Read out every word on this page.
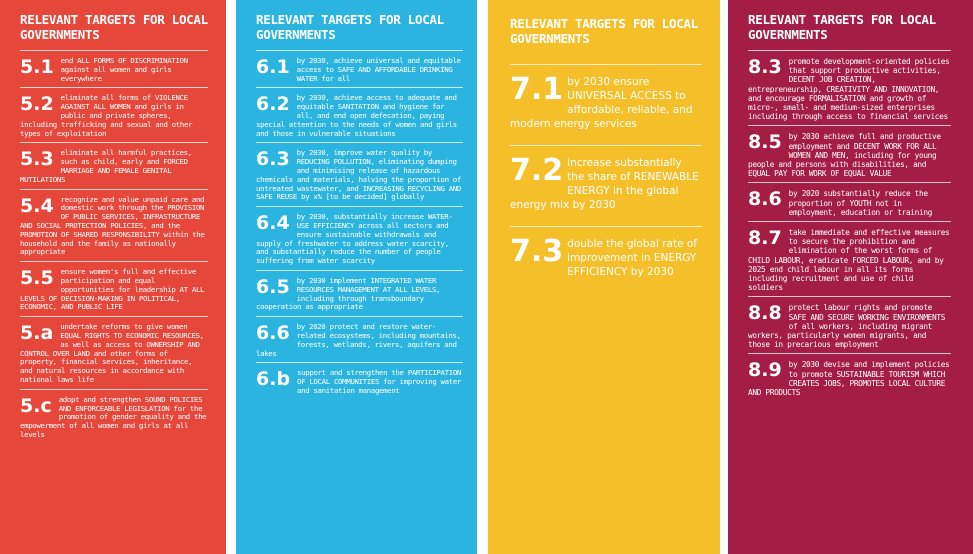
RELEVANT TARGETS FOR LOCAL GOVERNMENTS
5.1 end ALL FORMS OF DISCRIMINATION against all women and girls everywhere

5.2 eliminate all forms of VIOLENCE AGAINST ALL WOMEN and girls in public and private spheres, including trafficking and sexual and other types of exploitation

5.3 eliminate all harmful practices, such as child, early and FORCED MARRIAGE AND FEMALE GENITAL MUTILATIONS

5.4 recognize and value unpaid care and domestic work through the PROVISION OF PUBLIC SERVICES, INFRASTRUCTURE AND SOCIAL PROTECTION POLICIES, and the PROMOTION OF SHARED RESPONSIBILITY within the household and the family as nationally appropriate

5.5 ensure women's full and effective participation and equal opportunities for leadership AT ALL LEVELS OF DECISION-MAKING IN POLITICAL, ECONOMIC, AND PUBLIC LIFE

5.a undertake reforms to give women EQUAL RIGHTS TO ECONOMIC RESOURCES, as well as access to OWNERSHIP AND CONTROL OVER LAND and other forms of property, financial services, inheritance, and natural resources in accordance with national laws life

5.c adopt and strengthen SOUND POLICIES AND ENFORCEABLE LEGISLATION for the promotion of gender equality and the empowerment of all women and girls at all levels

RELEVANT TARGETS FOR LOCAL GOVERNMENTS
6.1 by 2030, achieve universal and equitable access to SAFE AND AFFORDABLE DRINKING WATER for all

6.2 by 2030, achieve access to adequate and equitable SANITATION and hygiene for all, and end open defecation, paying special attention to the needs of women and girls and those in vulnerable situations

6.3 by 2030, improve water quality by REDUCING POLLUTION, eliminating dumping and minimising release of hazardous chemicals and materials, halving the proportion of untreated wastewater, and INCREASING RECYCLING AND SAFE REUSE by x% [to be decided] globally

6.4 by 2030, substantially increase WATER-USE EFFICIENCY across all sectors and ensure sustainable withdrawals and supply of freshwater to address water scarcity, and substantially reduce the number of people suffering from water scarcity

6.5 by 2030 implement INTEGRATED WATER RESOURCES MANAGEMENT AT ALL LEVELS, including through transboundary cooperation as appropriate

6.6 by 2020 protect and restore water-related ecosystems, including mountains, forests, wetlands, rivers, aquifers and lakes

6.b support and strengthen the PARTICIPATION OF LOCAL COMMUNITIES for improving water and sanitation management

RELEVANT TARGETS FOR LOCAL GOVERNMENTS
7.1 by 2030 ensure UNIVERSAL ACCESS to affordable, reliable, and modern energy services

7.2 increase substantially the share of RENEWABLE ENERGY in the global energy mix by 2030

7.3 double the global rate of improvement in ENERGY EFFICIENCY by 2030

RELEVANT TARGETS FOR LOCAL GOVERNMENTS
8.3 promote development-oriented policies that support productive activities, DECENT JOB CREATION, entrepreneurship, CREATIVITY AND INNOVATION, and encourage FORMALISATION and growth of micro-, small- and medium-sized enterprises including through access to financial services

8.5 by 2030 achieve full and productive employment and DECENT WORK FOR ALL WOMEN AND MEN, including for young people and persons with disabilities, and EQUAL PAY FOR WORK OF EQUAL VALUE

8.6 by 2020 substantially reduce the proportion of YOUTH not in employment, education or training

8.7 take immediate and effective measures to secure the prohibition and elimination of the worst forms of CHILD LABOUR, eradicate FORCED LABOUR, and by 2025 end child labour in all its forms including recruitment and use of child soldiers

8.8 protect labour rights and promote SAFE AND SECURE WORKING ENVIRONMENTS of all workers, including migrant workers, particularly women migrants, and those in precarious employment

8.9 by 2030 devise and implement policies to promote SUSTAINABLE TOURISM WHICH CREATES JOBS, PROMOTES LOCAL CULTURE AND PRODUCTS
